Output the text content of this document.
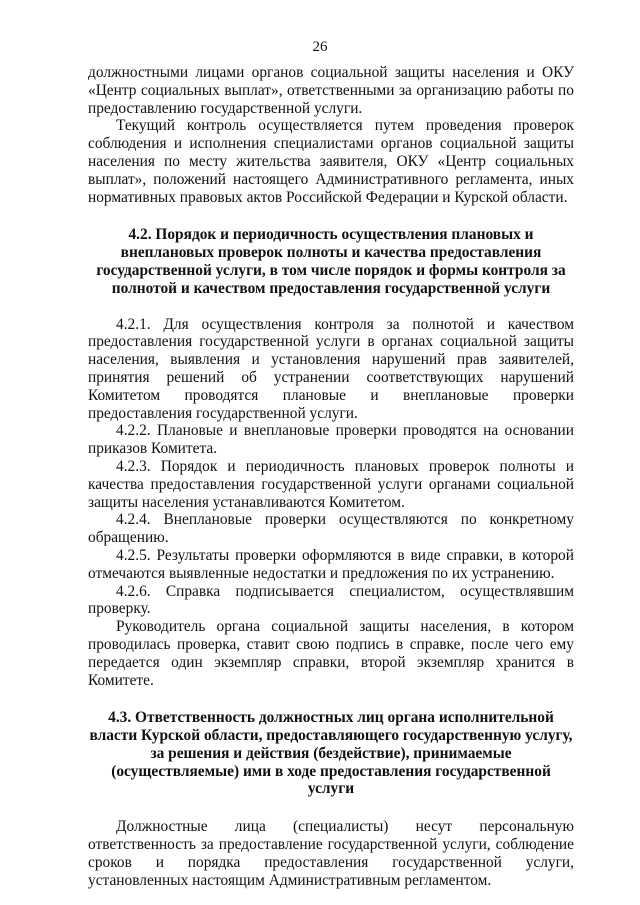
26

должностными лицами органов социальной защиты населения и ОКУ «Центр социальных выплат», ответственными за организацию работы по предоставлению государственной услуги.

Текущий контроль осуществляется путем проведения проверок соблюдения и исполнения специалистами органов социальной защиты населения по месту жительства заявителя, ОКУ «Центр социальных выплат», положений настоящего Административного регламента, иных нормативных правовых актов Российской Федерации и Курской области.

4.2. Порядок и периодичность осуществления плановых и внеплановых проверок полноты и качества предоставления государственной услуги, в том числе порядок и формы контроля за полнотой и качеством предоставления государственной услуги

4.2.1. Для осуществления контроля за полнотой и качеством предоставления государственной услуги в органах социальной защиты населения, выявления и установления нарушений прав заявителей, принятия решений об устранении соответствующих нарушений Комитетом проводятся плановые и внеплановые проверки предоставления государственной услуги.

4.2.2. Плановые и внеплановые проверки проводятся на основании приказов Комитета.

4.2.3. Порядок и периодичность плановых проверок полноты и качества предоставления государственной услуги органами социальной защиты населения устанавливаются Комитетом.

4.2.4. Внеплановые проверки осуществляются по конкретному обращению.

4.2.5. Результаты проверки оформляются в виде справки, в которой отмечаются выявленные недостатки и предложения по их устранению.

4.2.6. Справка подписывается специалистом, осуществлявшим проверку.

Руководитель органа социальной защиты населения, в котором проводилась проверка, ставит свою подпись в справке, после чего ему передается один экземпляр справки, второй экземпляр хранится в Комитете.

4.3. Ответственность должностных лиц органа исполнительной власти Курской области, предоставляющего государственную услугу, за решения и действия (бездействие), принимаемые (осуществляемые) ими в ходе предоставления государственной услуги

Должностные лица (специалисты) несут персональную ответственность за предоставление государственной услуги, соблюдение сроков и порядка предоставления государственной услуги, установленных настоящим Административным регламентом.
